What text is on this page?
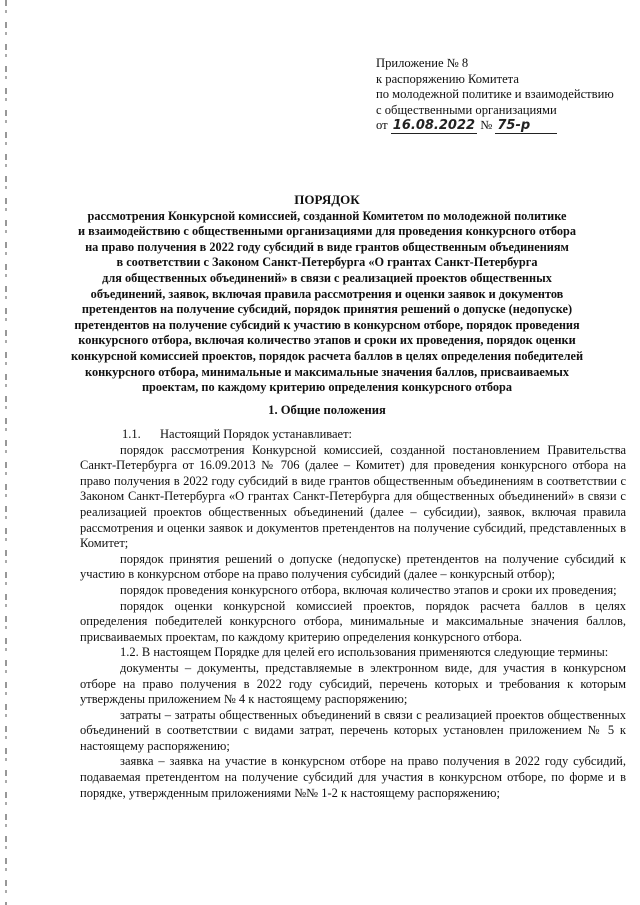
Приложение № 8
к распоряжению Комитета
по молодежной политике и взаимодействию
с общественными организациями
от 16.08.2022 № 75-р
ПОРЯДОК
рассмотрения Конкурсной комиссией, созданной Комитетом по молодежной политике
и взаимодействию с общественными организациями для проведения конкурсного отбора
на право получения в 2022 году субсидий в виде грантов общественным объединениям
в соответствии с Законом Санкт-Петербурга «О грантах Санкт-Петербурга
для общественных объединений» в связи с реализацией проектов общественных
объединений, заявок, включая правила рассмотрения и оценки заявок и документов
претендентов на получение субсидий, порядок принятия решений о допуске (недопуске)
претендентов на получение субсидий к участию в конкурсном отборе, порядок проведения
конкурсного отбора, включая количество этапов и сроки их проведения, порядок оценки
конкурсной комиссией проектов, порядок расчета баллов в целях определения победителей
конкурсного отбора, минимальные и максимальные значения баллов, присваиваемых
проектам, по каждому критерию определения конкурсного отбора
1. Общие положения

1.1. Настоящий Порядок устанавливает:

порядок рассмотрения Конкурсной комиссией, созданной постановлением Правительства Санкт-Петербурга от 16.09.2013 № 706 (далее – Комитет) для проведения конкурсного отбора на право получения в 2022 году субсидий в виде грантов общественным объединениям в соответствии с Законом Санкт-Петербурга «О грантах Санкт-Петербурга для общественных объединений» в связи с реализацией проектов общественных объединений (далее – субсидии), заявок, включая правила рассмотрения и оценки заявок и документов претендентов на получение субсидий, представленных в Комитет;

порядок принятия решений о допуске (недопуске) претендентов на получение субсидий к участию в конкурсном отборе на право получения субсидий (далее – конкурсный отбор);

порядок проведения конкурсного отбора, включая количество этапов и сроки их проведения;

порядок оценки конкурсной комиссией проектов, порядок расчета баллов в целях определения победителей конкурсного отбора, минимальные и максимальные значения баллов, присваиваемых проектам, по каждому критерию определения конкурсного отбора.

1.2. В настоящем Порядке для целей его использования применяются следующие термины:

документы – документы, представляемые в электронном виде, для участия в конкурсном отборе на право получения в 2022 году субсидий, перечень которых и требования к которым утверждены приложением № 4 к настоящему распоряжению;

затраты – затраты общественных объединений в связи с реализацией проектов общественных объединений в соответствии с видами затрат, перечень которых установлен приложением № 5 к настоящему распоряжению;

заявка – заявка на участие в конкурсном отборе на право получения в 2022 году субсидий, подаваемая претендентом на получение субсидий для участия в конкурсном отборе, по форме и в порядке, утвержденным приложениями №№ 1-2 к настоящему распоряжению;
